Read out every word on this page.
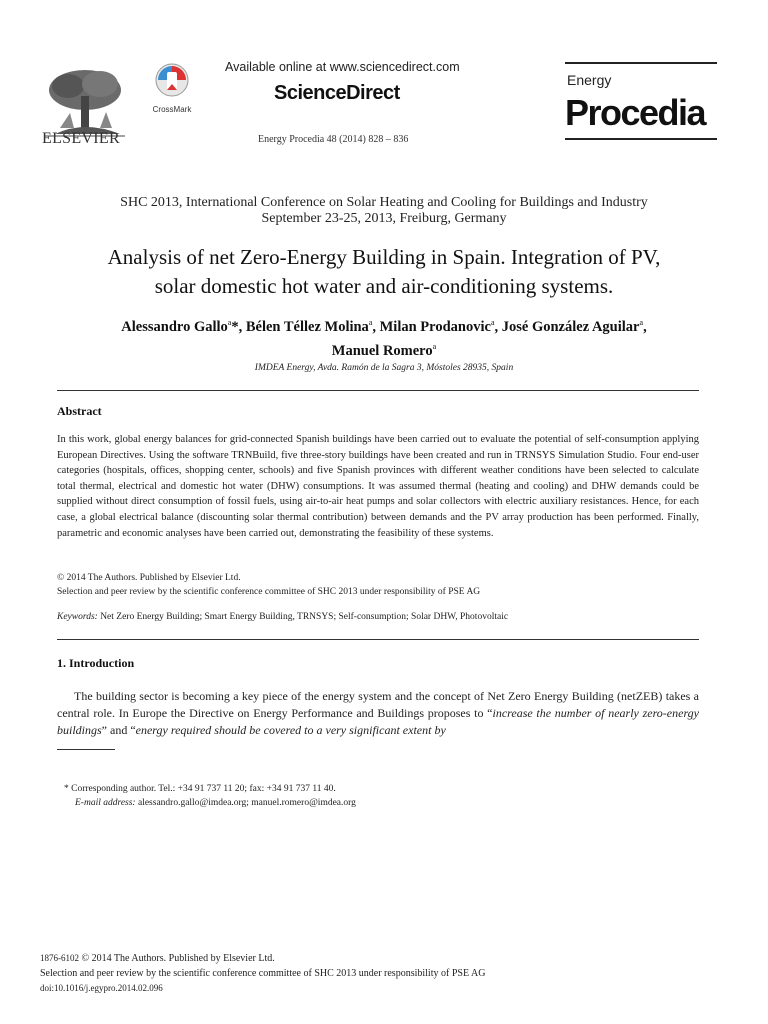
ELSEVIER
CrossMark
Available online at www.sciencedirect.com
ScienceDirect
Energy Procedia 48 (2014) 828 – 836
Energy
Procedia
SHC 2013, International Conference on Solar Heating and Cooling for Buildings and Industry
September 23-25, 2013, Freiburg, Germany
Analysis of net Zero-Energy Building in Spain. Integration of PV,
solar domestic hot water and air-conditioning systems.
Alessandro Gallo$^a$*, Bélen Téllez Molina$^a$, Milan Prodanovic$^a$, José González Aguilar$^a$,
Manuel Romero$^a$
IMDEA Energy, Avda. Ramón de la Sagra 3, Móstoles 28935, Spain
Abstract
In this work, global energy balances for grid-connected Spanish buildings have been carried out to evaluate the potential of self-consumption applying European Directives. Using the software TRNBuild, five three-story buildings have been created and run in TRNSYS Simulation Studio. Four end-user categories (hospitals, offices, shopping center, schools) and five Spanish provinces with different weather conditions have been selected to calculate total thermal, electrical and domestic hot water (DHW) consumptions. It was assumed thermal (heating and cooling) and DHW demands could be supplied without direct consumption of fossil fuels, using air-to-air heat pumps and solar collectors with electric auxiliary resistances. Hence, for each case, a global electrical balance (discounting solar thermal contribution) between demands and the PV array production has been performed. Finally, parametric and economic analyses have been carried out, demonstrating the feasibility of these systems.
© 2014 The Authors. Published by Elsevier Ltd.
Selection and peer review by the scientific conference committee of SHC 2013 under responsibility of PSE AG
Keywords: Net Zero Energy Building; Smart Energy Building, TRNSYS; Self-consumption; Solar DHW, Photovoltaic
1. Introduction
The building sector is becoming a key piece of the energy system and the concept of Net Zero Energy Building (netZEB) takes a central role. In Europe the Directive on Energy Performance and Buildings proposes to “increase the number of nearly zero-energy buildings” and “energy required should be covered to a very significant extent by
* Corresponding author. Tel.: +34 91 737 11 20; fax: +34 91 737 11 40.
E-mail address: alessandro.gallo@imdea.org; manuel.romero@imdea.org
1876-6102 © 2014 The Authors. Published by Elsevier Ltd.
Selection and peer review by the scientific conference committee of SHC 2013 under responsibility of PSE AG
doi:10.1016/j.egypro.2014.02.096
